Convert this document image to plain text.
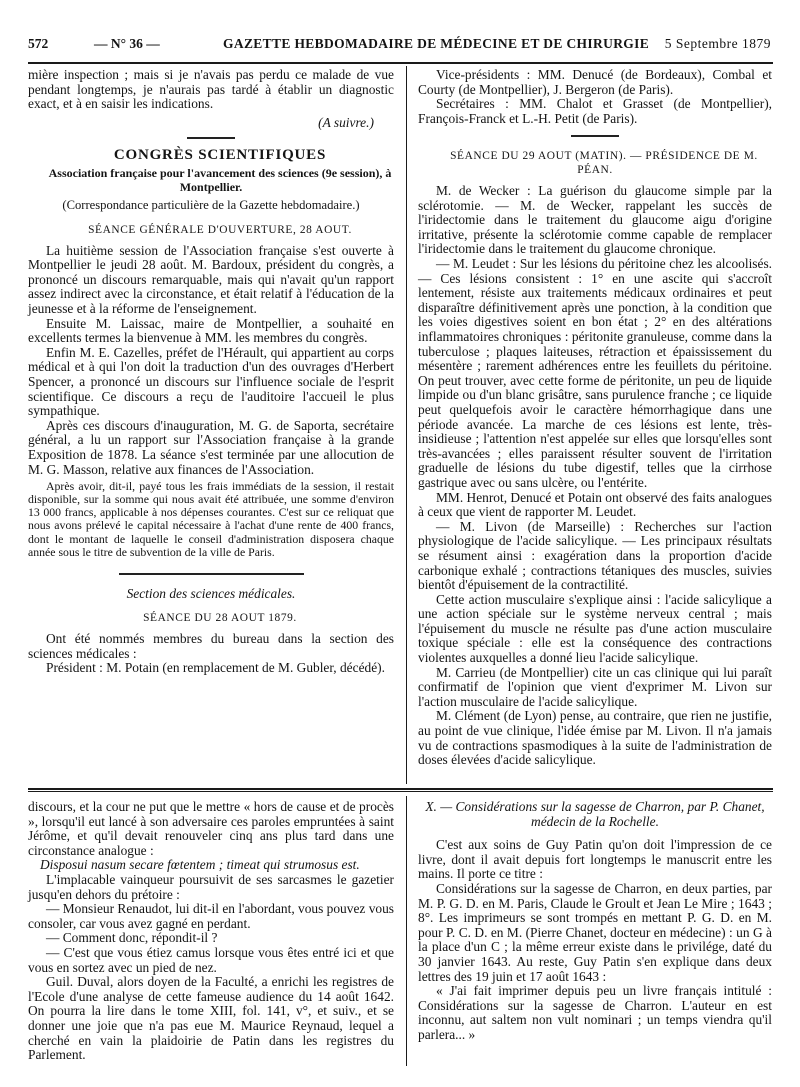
572	— N° 36 —	GAZETTE HEBDOMADAIRE DE MÉDECINE ET DE CHIRURGIE 5 Septembre 1879

mière inspection ; mais si je n'avais pas perdu ce malade de vue pendant longtemps, je n'aurais pas tardé à établir un diagnostic exact, et à en saisir les indications.

(A suivre.)

CONGRÈS SCIENTIFIQUES

Association française pour l'avancement des sciences (9e session), à Montpellier.

(Correspondance particulière de la Gazette hebdomadaire.)

SÉANCE GÉNÉRALE D'OUVERTURE, 28 AOUT.

La huitième session de l'Association française s'est ouverte à Montpellier le jeudi 28 août. M. Bardoux, président du congrès, a prononcé un discours remarquable, mais qui n'avait qu'un rapport assez indirect avec la circonstance, et était relatif à l'éducation de la jeunesse et à la réforme de l'enseignement.

Ensuite M. Laissac, maire de Montpellier, a souhaité en excellents termes la bienvenue à MM. les membres du congrès.

Enfin M. E. Cazelles, préfet de l'Hérault, qui appartient au corps médical et à qui l'on doit la traduction d'un des ouvrages d'Herbert Spencer, a prononcé un discours sur l'influence sociale de l'esprit scientifique. Ce discours a reçu de l'auditoire l'accueil le plus sympathique.

Après ces discours d'inauguration, M. G. de Saporta, secrétaire général, a lu un rapport sur l'Association française à la grande Exposition de 1878. La séance s'est terminée par une allocution de M. G. Masson, relative aux finances de l'Association.

Après avoir, dit-il, payé tous les frais immédiats de la session, il restait disponible, sur la somme qui nous avait été attribuée, une somme d'environ 13 000 francs, applicable à nos dépenses courantes. C'est sur ce reliquat que nous avons prélevé le capital nécessaire à l'achat d'une rente de 400 francs, dont le montant de laquelle le conseil d'administration disposera chaque année sous le titre de subvention de la ville de Paris.

Section des sciences médicales.

SÉANCE DU 28 AOUT 1879.

Ont été nommés membres du bureau dans la section des sciences médicales :

Président : M. Potain (en remplacement de M. Gubler, décédé).

Vice-présidents : MM. Denucé (de Bordeaux), Combal et Courty (de Montpellier), J. Bergeron (de Paris).

Secrétaires : MM. Chalot et Grasset (de Montpellier), François-Franck et L.-H. Petit (de Paris).

SÉANCE DU 29 AOUT (MATIN). — PRÉSIDENCE DE M. PÉAN.

M. de Wecker : La guérison du glaucome simple par la sclérotomie. — M. de Wecker, rappelant les succès de l'iridectomie dans le traitement du glaucome aigu d'origine irritative, présente la sclérotomie comme capable de remplacer l'iridectomie dans le traitement du glaucome chronique.

— M. Leudet : Sur les lésions du péritoine chez les alcoolisés. — Ces lésions consistent : 1° en une ascite qui s'accroît lentement, résiste aux traitements médicaux ordinaires et peut disparaître définitivement après une ponction, à la condition que les voies digestives soient en bon état ; 2° en des altérations inflammatoires chroniques : péritonite granuleuse, comme dans la tuberculose ; plaques laiteuses, rétraction et épaississement du mésentère ; rarement adhérences entre les feuillets du péritoine. On peut trouver, avec cette forme de péritonite, un peu de liquide limpide ou d'un blanc grisâtre, sans purulence franche ; ce liquide peut quelquefois avoir le caractère hémorrhagique dans une période avancée. La marche de ces lésions est lente, très-insidieuse ; l'attention n'est appelée sur elles que lorsqu'elles sont très-avancées ; elles paraissent résulter souvent de l'irritation graduelle de lésions du tube digestif, telles que la cirrhose gastrique avec ou sans ulcère, ou l'entérite.

MM. Henrot, Denucé et Potain ont observé des faits analogues à ceux que vient de rapporter M. Leudet.

— M. Livon (de Marseille) : Recherches sur l'action physiologique de l'acide salicylique. — Les principaux résultats se résument ainsi : exagération dans la proportion d'acide carbonique exhalé ; contractions tétaniques des muscles, suivies bientôt d'épuisement de la contractilité.

Cette action musculaire s'explique ainsi : l'acide salicylique a une action spéciale sur le système nerveux central ; mais l'épuisement du muscle ne résulte pas d'une action musculaire toxique spéciale : elle est la conséquence des contractions violentes auxquelles a donné lieu l'acide salicylique.

M. Carrieu (de Montpellier) cite un cas clinique qui lui paraît confirmatif de l'opinion que vient d'exprimer M. Livon sur l'action musculaire de l'acide salicylique.

M. Clément (de Lyon) pense, au contraire, que rien ne justifie, au point de vue clinique, l'idée émise par M. Livon. Il n'a jamais vu de contractions spasmodiques à la suite de l'administration de doses élevées d'acide salicylique.

discours, et la cour ne put que le mettre « hors de cause et de procès », lorsqu'il eut lancé à son adversaire ces paroles empruntées à saint Jérôme, et qu'il devait renouveler cinq ans plus tard dans une circonstance analogue :

Disposui nasum secare fœtentem ; timeat qui strumosus est.

L'implacable vainqueur poursuivit de ses sarcasmes le gazetier jusqu'en dehors du prétoire :

— Monsieur Renaudot, lui dit-il en l'abordant, vous pouvez vous consoler, car vous avez gagné en perdant.

— Comment donc, répondit-il ?

— C'est que vous étiez camus lorsque vous êtes entré ici et que vous en sortez avec un pied de nez.

Guil. Duval, alors doyen de la Faculté, a enrichi les registres de l'Ecole d'une analyse de cette fameuse audience du 14 août 1642. On pourra la lire dans le tome XIII, fol. 141, v°, et suiv., et se donner une joie que n'a pas eue M. Maurice Reynaud, lequel a cherché en vain la plaidoirie de Patin dans les registres du Parlement.

X. — Considérations sur la sagesse de Charron, par P. Chanet, médecin de la Rochelle.

C'est aux soins de Guy Patin qu'on doit l'impression de ce livre, dont il avait depuis fort longtemps le manuscrit entre les mains. Il porte ce titre :

Considérations sur la sagesse de Charron, en deux parties, par M. P. G. D. en M. Paris, Claude le Groult et Jean Le Mire ; 1643 ; 8°. Les imprimeurs se sont trompés en mettant P. G. D. en M. pour P. C. D. en M. (Pierre Chanet, docteur en médecine) : un G à la place d'un C ; la même erreur existe dans le privilége, daté du 30 janvier 1643. Au reste, Guy Patin s'en explique dans deux lettres des 19 juin et 17 août 1643 :

« J'ai fait imprimer depuis peu un livre français intitulé : Considérations sur la sagesse de Charron. L'auteur en est inconnu, aut saltem non vult nominari ; un temps viendra qu'il parlera... »
